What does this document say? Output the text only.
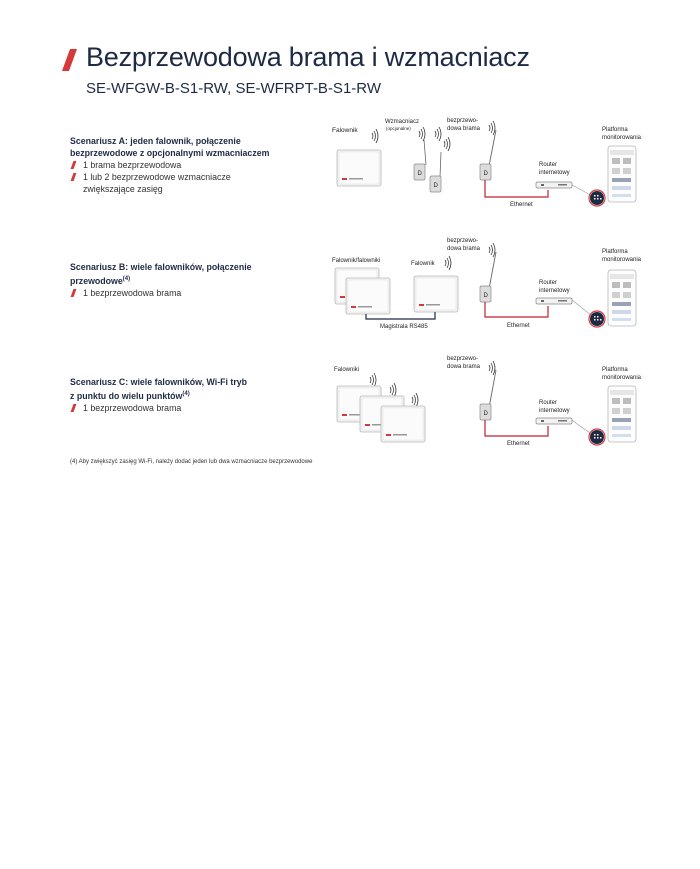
Bezprzewodowa brama i wzmacniacz
SE-WFGW-B-S1-RW, SE-WFRPT-B-S1-RW
Scenariusz A: jeden falownik, połączenie
bezprzewodowe z opcjonalnymi wzmacniaczem
1 brama bezprzewodowa
1 lub 2 bezprzewodowe wzmacniacze
zwiększające zasięg
Scenariusz B: wiele falowników, połączenie
przewodowe$^{(4)}$
1 bezprzewodowa brama
Scenariusz C: wiele falowników, Wi-Fi tryb
z punktu do wielu punktów$^{(4)}$
1 bezprzewodowa brama
(4) Aby zwiększyć zasięg Wi-Fi, należy dodać jeden lub dwa wzmacniacze bezprzewodowe
D
Falownik
Wzmacniacz
(opcjonalne)
bezprzewo-
dowa brama
Ethernet
Router
internetowy
Platforma
monitorowania
Falownik/falowniki	Falownik
Magistrala RS485
bezprzewo-
dowa brama
Ethernet
Router
internetowy
Platforma
monitorowania
Falowniki
bezprzewo-
dowa brama
Ethernet
Router
internetowy
Platforma
monitorowania
